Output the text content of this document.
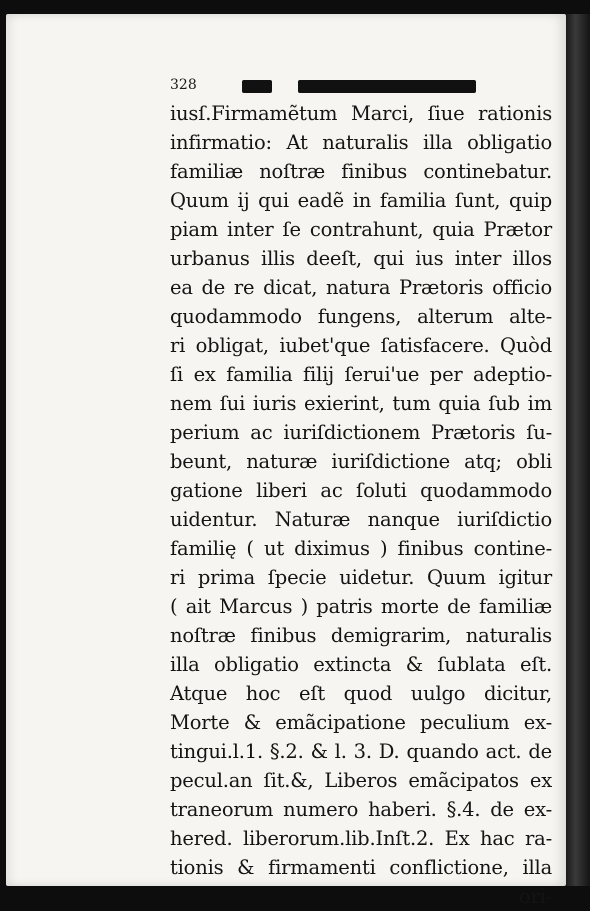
328
iusſ.Firmamẽtum Marci, ſiue rationis
infirmatio: At naturalis illa obligatio
familiæ noſtræ finibus continebatur.
Quum ij qui eadẽ in familia ſunt, quip
piam inter ſe contrahunt, quia Prætor
urbanus illis deeſt, qui ius inter illos
ea de re dicat, natura Prætoris officio
quodammodo fungens, alterum alte-
ri obligat, iubet'que ſatisfacere. Quòd
ſi ex familia filij ſerui'ue per adeptio-
nem ſui iuris exierint, tum quia ſub im
perium ac iuriſdictionem Prætoris ſu-
beunt, naturæ iuriſdictione atq; obli
gatione liberi ac ſoluti quodammodo
uidentur. Naturæ nanque iuriſdictio
familię ( ut diximus ) finibus contine-
ri prima ſpecie uidetur. Quum igitur
( ait Marcus ) patris morte de familiæ
noſtræ finibus demigrarim, naturalis
illa obligatio extincta & ſublata eſt.
Atque hoc eſt quod uulgo dicitur,
Morte & emãcipatione peculium ex-
tingui.l.1. §.2. & l. 3. D. quando act. de
pecul.an ſit.&, Liberos emãcipatos ex
traneorum numero haberi. §.4. de ex-
hered. liberorum.lib.Inſt.2. Ex hac ra-
tionis & firmamenti conflictione, illa
ori-
